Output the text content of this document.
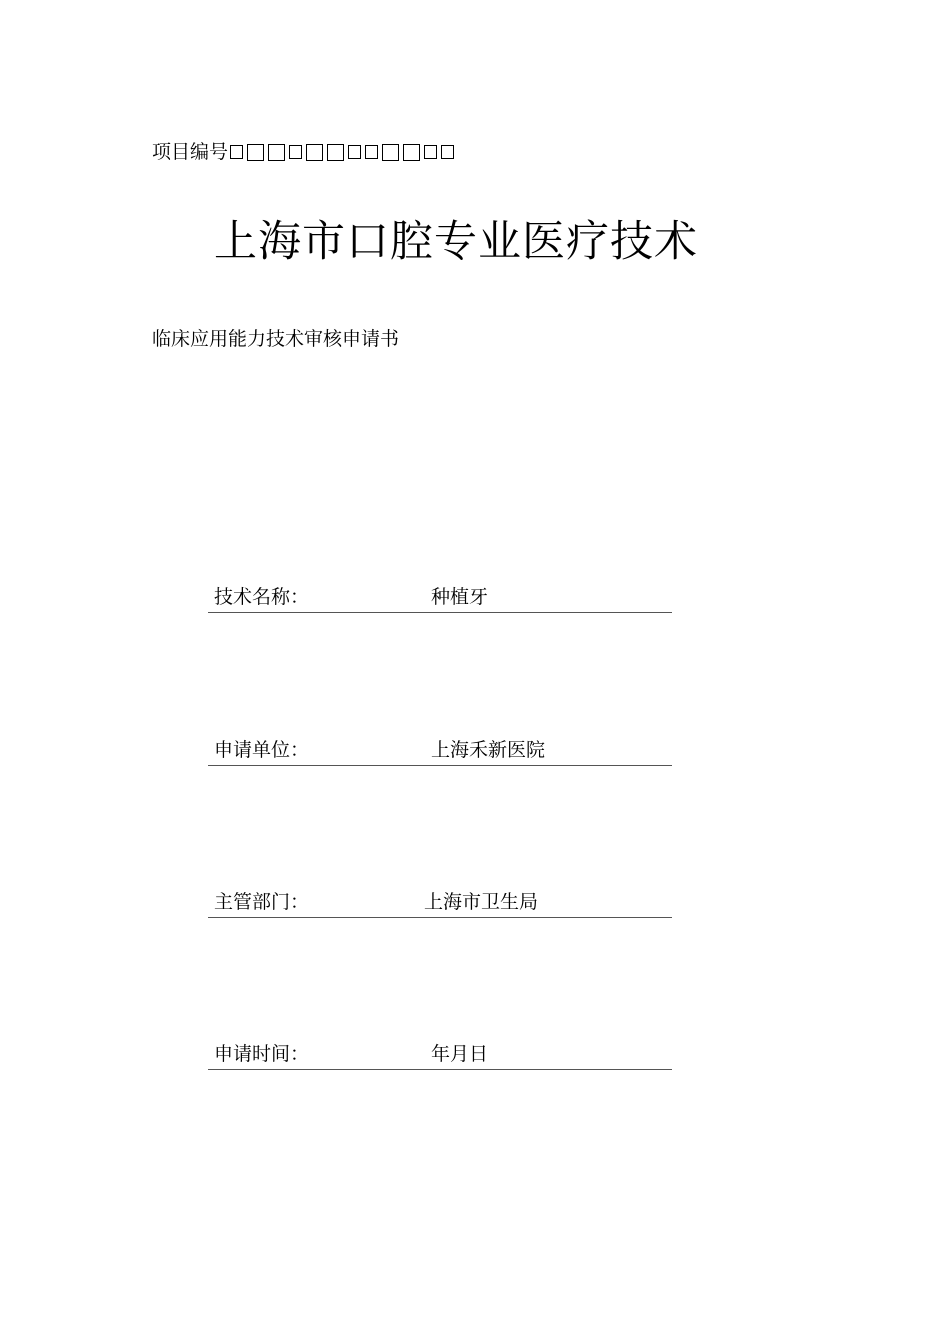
项目编号
上海市口腔专业医疗技术
临床应用能力技术审核申请书
技术名称：	种植牙
申请单位：	上海禾新医院
主管部门：	上海市卫生局
申请时间：	年月日
